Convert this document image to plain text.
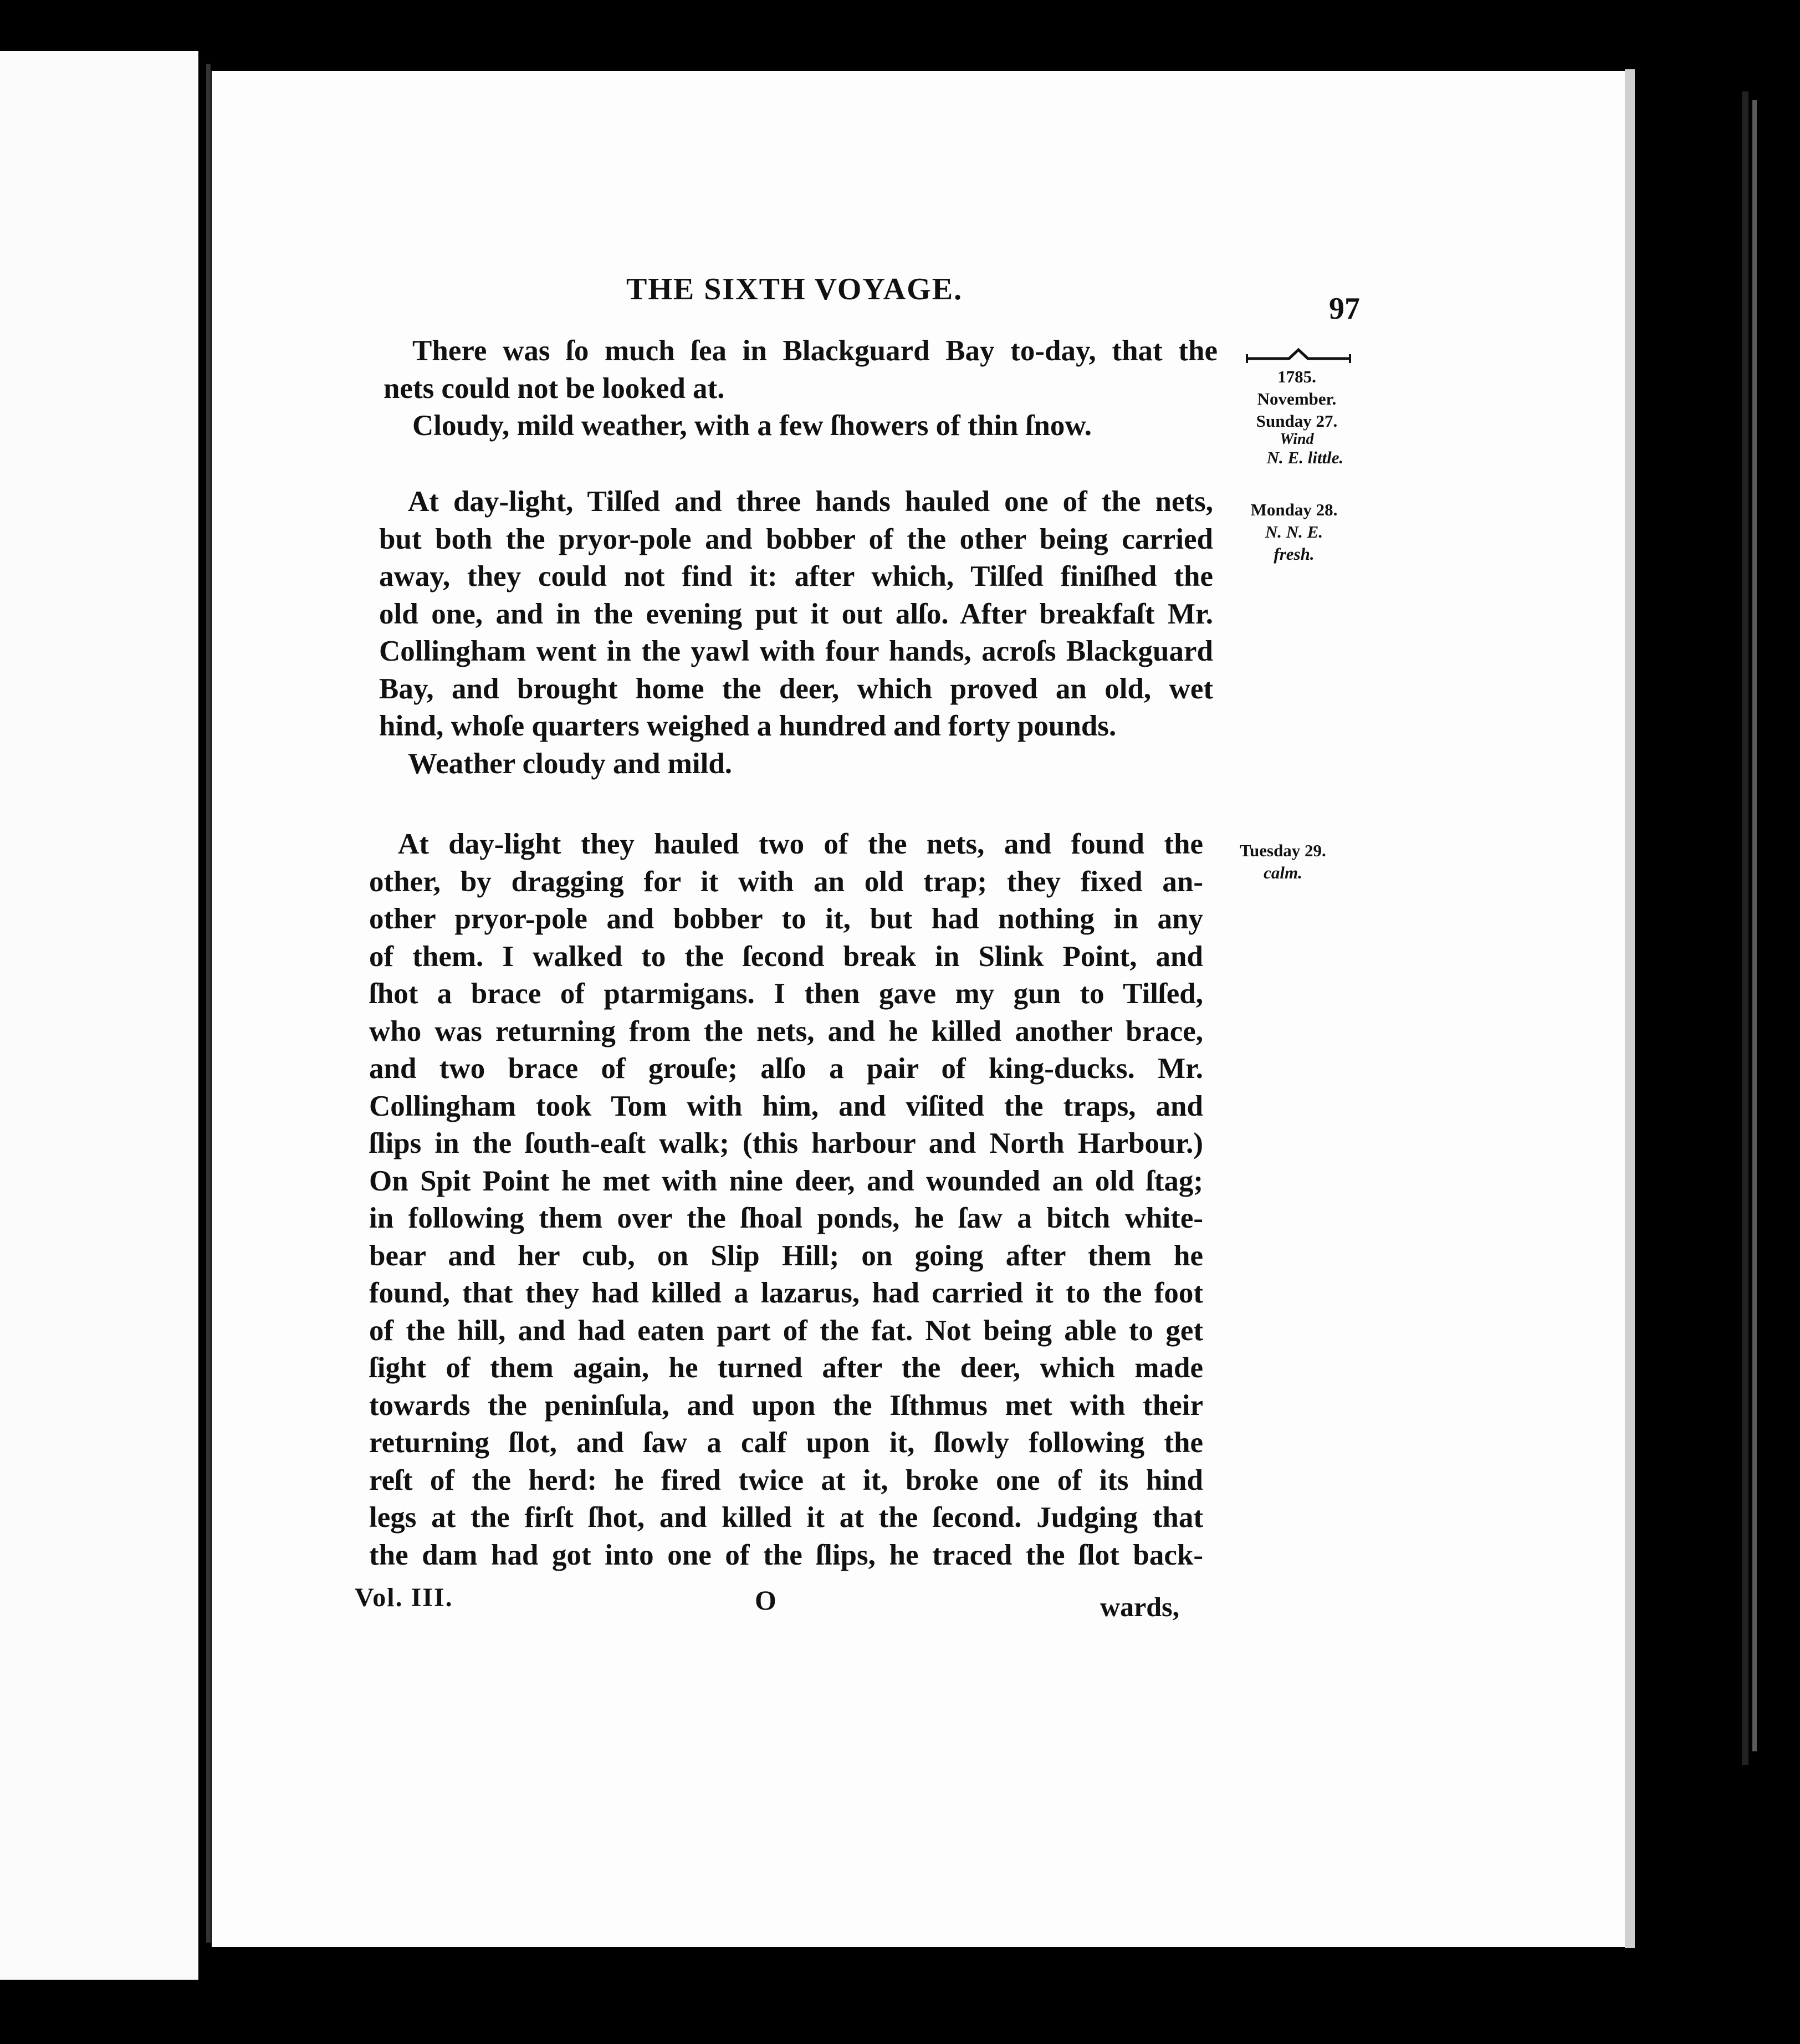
THE SIXTH VOYAGE.
97
There was ſo much ſea in Blackguard Bay to-day, that the
nets could not be looked at.
Cloudy, mild weather, with a few ſhowers of thin ſnow.
At day-light, Tilſed and three hands hauled one of the nets,
but both the pryor-pole and bobber of the other being carried
away, they could not find it: after which, Tilſed finiſhed the
old one, and in the evening put it out alſo. After breakfaſt Mr.
Collingham went in the yawl with four hands, acroſs Blackguard
Bay, and brought home the deer, which proved an old, wet
hind, whoſe quarters weighed a hundred and forty pounds.
Weather cloudy and mild.
At day-light they hauled two of the nets, and found the
other, by dragging for it with an old trap; they fixed an-
other pryor-pole and bobber to it, but had nothing in any
of them. I walked to the ſecond break in Slink Point, and
ſhot a brace of ptarmigans. I then gave my gun to Tilſed,
who was returning from the nets, and he killed another brace,
and two brace of grouſe; alſo a pair of king-ducks. Mr.
Collingham took Tom with him, and viſited the traps, and
ſlips in the ſouth-eaſt walk; (this harbour and North Harbour.)
On Spit Point he met with nine deer, and wounded an old ſtag;
in following them over the ſhoal ponds, he ſaw a bitch white-
bear and her cub, on Slip Hill; on going after them he
found, that they had killed a lazarus, had carried it to the foot
of the hill, and had eaten part of the fat. Not being able to get
ſight of them again, he turned after the deer, which made
towards the peninſula, and upon the Iſthmus met with their
returning ſlot, and ſaw a calf upon it, ſlowly following the
reſt of the herd: he fired twice at it, broke one of its hind
legs at the firſt ſhot, and killed it at the ſecond. Judging that
the dam had got into one of the ſlips, he traced the ſlot back-
1785.
November.
Sunday 27.
Wind
N. E. little.
Monday 28.
N. N. E.
fresh.
Tuesday 29.
calm.
Vol. III.	O	wards,
